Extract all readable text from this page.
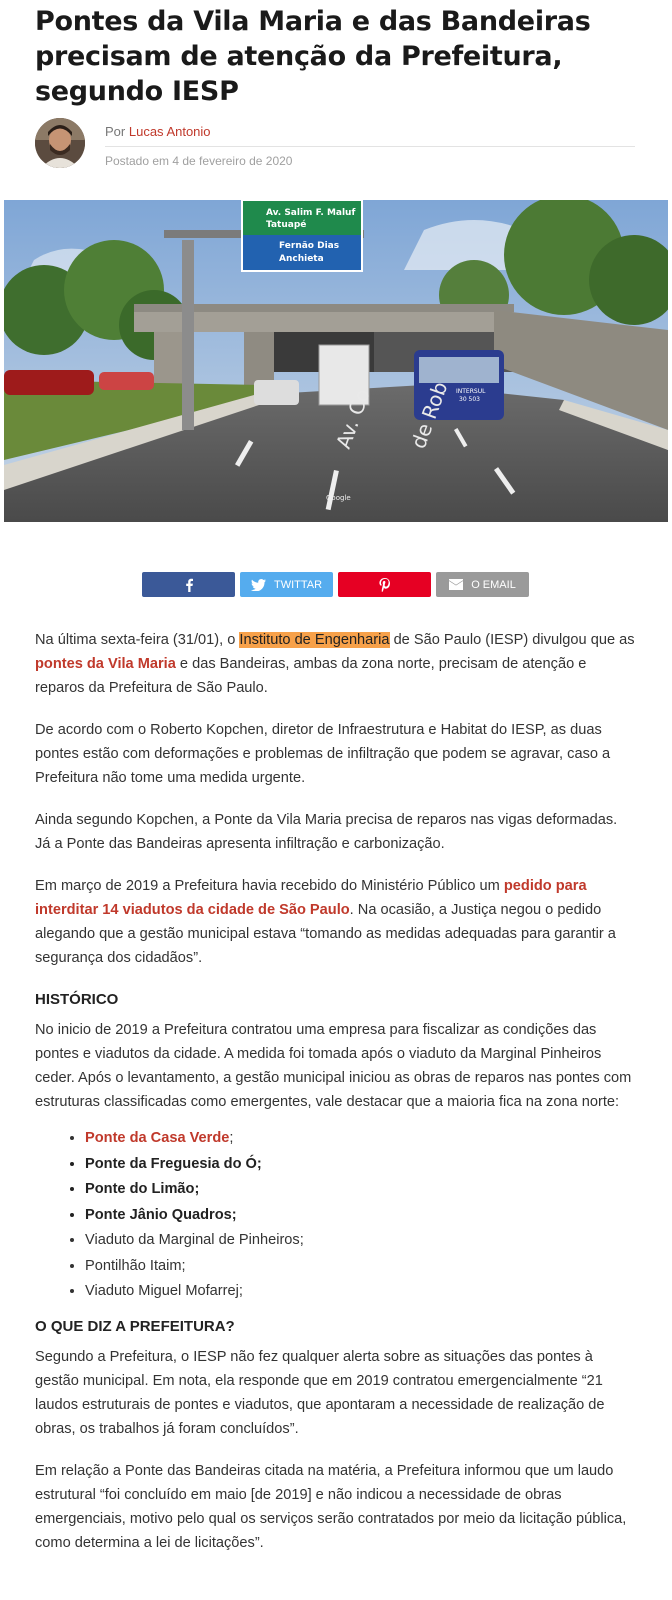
Pontes da Vila Maria e das Bandeiras precisam de atenção da Prefeitura, segundo IESP
Por Lucas Antonio
Postado em 4 de fevereiro de 2020
Av. Salim F. Maluf
Tatuapé
Fernão Dias
Anchieta
INTERSUL
30 503
Av. Co de Rob
Google
TWITTAR	O EMAIL

Na última sexta-feira (31/01), o Instituto de Engenharia de São Paulo (IESP) divulgou que as pontes da Vila Maria e das Bandeiras, ambas da zona norte, precisam de atenção e reparos da Prefeitura de São Paulo.

De acordo com o Roberto Kopchen, diretor de Infraestrutura e Habitat do IESP, as duas pontes estão com deformações e problemas de infiltração que podem se agravar, caso a Prefeitura não tome uma medida urgente.

Ainda segundo Kopchen, a Ponte da Vila Maria precisa de reparos nas vigas deformadas. Já a Ponte das Bandeiras apresenta infiltração e carbonização.

Em março de 2019 a Prefeitura havia recebido do Ministério Público um pedido para interditar 14 viadutos da cidade de São Paulo. Na ocasião, a Justiça negou o pedido alegando que a gestão municipal estava “tomando as medidas adequadas para garantir a segurança dos cidadãos”.

HISTÓRICO

No inicio de 2019 a Prefeitura contratou uma empresa para fiscalizar as condições das pontes e viadutos da cidade. A medida foi tomada após o viaduto da Marginal Pinheiros ceder. Após o levantamento, a gestão municipal iniciou as obras de reparos nas pontes com estruturas classificadas como emergentes, vale destacar que a maioria fica na zona norte:

• Ponte da Casa Verde;
• Ponte da Freguesia do Ó;
• Ponte do Limão;
• Ponte Jânio Quadros;
• Viaduto da Marginal de Pinheiros;
• Pontilhão Itaim;
• Viaduto Miguel Mofarrej;
O QUE DIZ A PREFEITURA?

Segundo a Prefeitura, o IESP não fez qualquer alerta sobre as situações das pontes à gestão municipal. Em nota, ela responde que em 2019 contratou emergencialmente “21 laudos estruturais de pontes e viadutos, que apontaram a necessidade de realização de obras, os trabalhos já foram concluídos”.

Em relação a Ponte das Bandeiras citada na matéria, a Prefeitura informou que um laudo estrutural “foi concluído em maio [de 2019] e não indicou a necessidade de obras emergenciais, motivo pelo qual os serviços serão contratados por meio da licitação pública, como determina a lei de licitações”.
